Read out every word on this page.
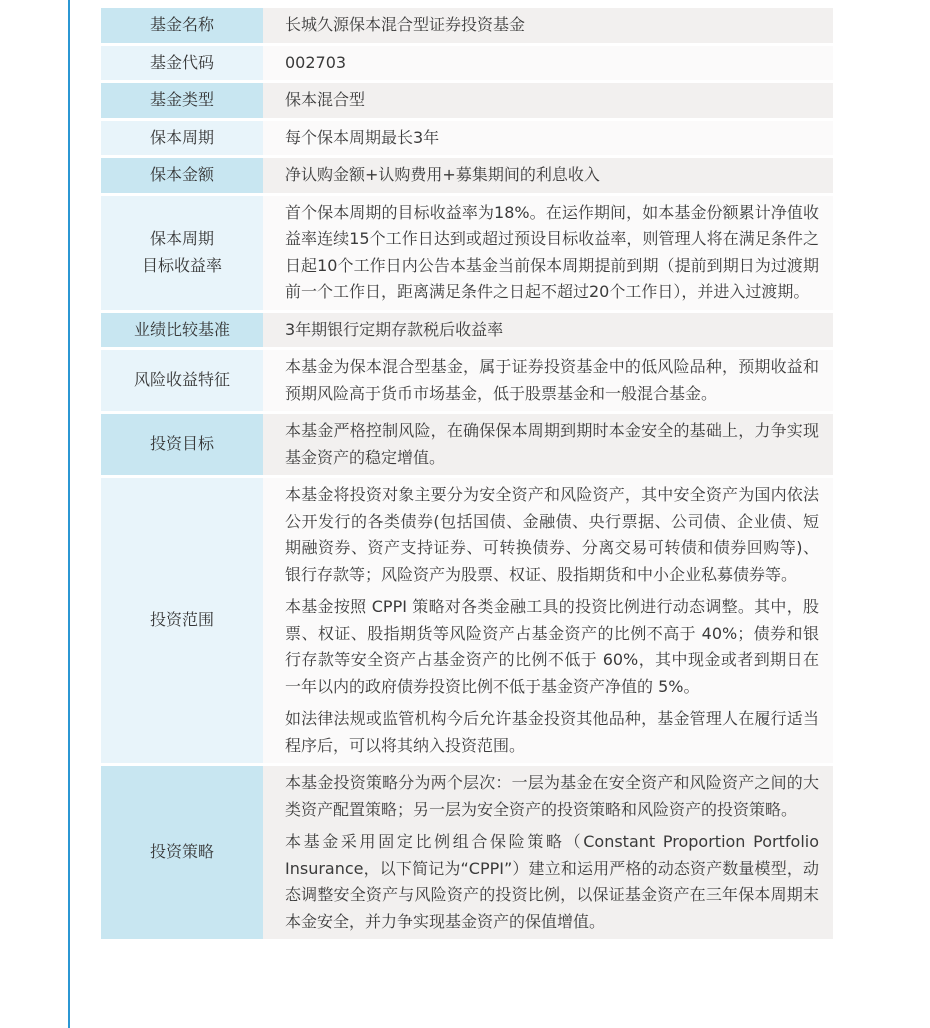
基金名称	长城久源保本混合型证券投资基金

基金代码	002703

基金类型	保本混合型

保本周期	每个保本周期最长3年

保本金额	净认购金额+认购费用+募集期间的利息收入

保本周期
目标收益率	首个保本周期的目标收益率为18%。在运作期间，如本基金份额累计净值收益率连续15个工作日达到或超过预设目标收益率，则管理人将在满足条件之日起10个工作日内公告本基金当前保本周期提前到期（提前到期日为过渡期前一个工作日，距离满足条件之日起不超过20个工作日），并进入过渡期。

业绩比较基准	3年期银行定期存款税后收益率

风险收益特征	本基金为保本混合型基金，属于证券投资基金中的低风险品种，预期收益和预期风险高于货币市场基金，低于股票基金和一般混合基金。

投资目标	本基金严格控制风险，在确保保本周期到期时本金安全的基础上，力争实现基金资产的稳定增值。

投资范围	本基金将投资对象主要分为安全资产和风险资产，其中安全资产为国内依法公开发行的各类债券(包括国债、金融债、央行票据、公司债、企业债、短期融资券、资产支持证券、可转换债券、分离交易可转债和债券回购等)、银行存款等；风险资产为股票、权证、股指期货和中小企业私募债券等。

本基金按照 CPPI 策略对各类金融工具的投资比例进行动态调整。其中，股票、权证、股指期货等风险资产占基金资产的比例不高于 40%；债券和银行存款等安全资产占基金资产的比例不低于 60%，其中现金或者到期日在一年以内的政府债券投资比例不低于基金资产净值的 5%。

如法律法规或监管机构今后允许基金投资其他品种，基金管理人在履行适当程序后，可以将其纳入投资范围。

投资策略	本基金投资策略分为两个层次：一层为基金在安全资产和风险资产之间的大类资产配置策略；另一层为安全资产的投资策略和风险资产的投资策略。

本基金采用固定比例组合保险策略（Constant Proportion Portfolio Insurance，以下简记为“CPPI”）建立和运用严格的动态资产数量模型，动态调整安全资产与风险资产的投资比例，以保证基金资产在三年保本周期末本金安全，并力争实现基金资产的保值增值。
